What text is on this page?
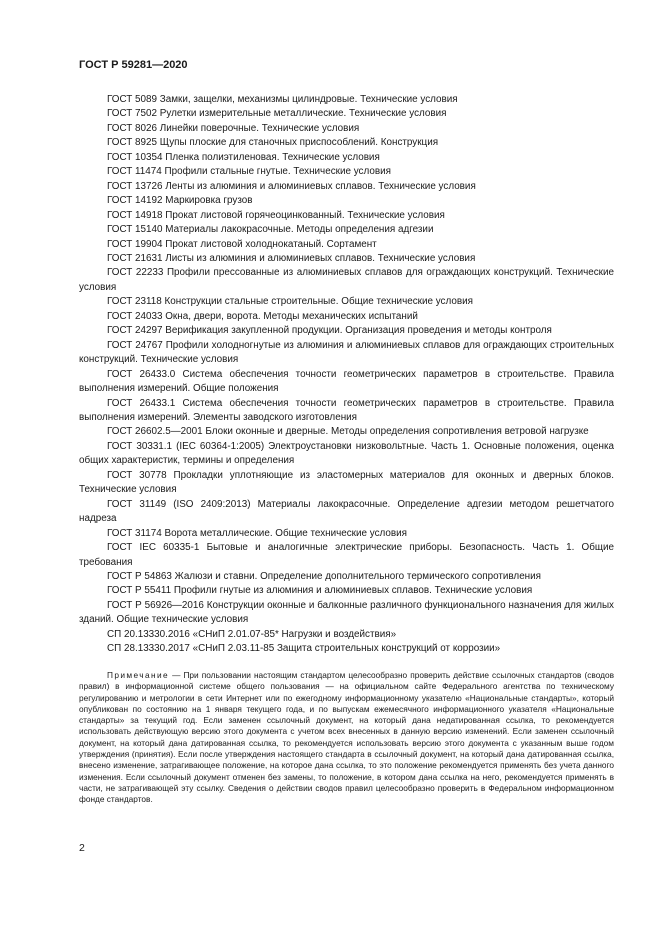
ГОСТ Р 59281—2020

ГОСТ 5089 Замки, защелки, механизмы цилиндровые. Технические условия

ГОСТ 7502 Рулетки измерительные металлические. Технические условия

ГОСТ 8026 Линейки поверочные. Технические условия

ГОСТ 8925 Щупы плоские для станочных приспособлений. Конструкция

ГОСТ 10354 Пленка полиэтиленовая. Технические условия

ГОСТ 11474 Профили стальные гнутые. Технические условия

ГОСТ 13726 Ленты из алюминия и алюминиевых сплавов. Технические условия

ГОСТ 14192 Маркировка грузов

ГОСТ 14918 Прокат листовой горячеоцинкованный. Технические условия

ГОСТ 15140 Материалы лакокрасочные. Методы определения адгезии

ГОСТ 19904 Прокат листовой холоднокатаный. Сортамент

ГОСТ 21631 Листы из алюминия и алюминиевых сплавов. Технические условия

ГОСТ 22233 Профили прессованные из алюминиевых сплавов для ограждающих конструкций. Технические условия

ГОСТ 23118 Конструкции стальные строительные. Общие технические условия

ГОСТ 24033 Окна, двери, ворота. Методы механических испытаний

ГОСТ 24297 Верификация закупленной продукции. Организация проведения и методы контроля

ГОСТ 24767 Профили холодногнутые из алюминия и алюминиевых сплавов для ограждающих строительных конструкций. Технические условия

ГОСТ 26433.0 Система обеспечения точности геометрических параметров в строительстве. Правила выполнения измерений. Общие положения

ГОСТ 26433.1 Система обеспечения точности геометрических параметров в строительстве. Правила выполнения измерений. Элементы заводского изготовления

ГОСТ 26602.5—2001 Блоки оконные и дверные. Методы определения сопротивления ветровой нагрузке

ГОСТ 30331.1 (IEC 60364-1:2005) Электроустановки низковольтные. Часть 1. Основные положения, оценка общих характеристик, термины и определения

ГОСТ 30778 Прокладки уплотняющие из эластомерных материалов для оконных и дверных блоков. Технические условия

ГОСТ 31149 (ISO 2409:2013) Материалы лакокрасочные. Определение адгезии методом решетчатого надреза

ГОСТ 31174 Ворота металлические. Общие технические условия

ГОСТ IEC 60335-1 Бытовые и аналогичные электрические приборы. Безопасность. Часть 1. Общие требования

ГОСТ Р 54863 Жалюзи и ставни. Определение дополнительного термического сопротивления

ГОСТ Р 55411 Профили гнутые из алюминия и алюминиевых сплавов. Технические условия

ГОСТ Р 56926—2016 Конструкции оконные и балконные различного функционального назначения для жилых зданий. Общие технические условия

СП 20.13330.2016 «СНиП 2.01.07-85* Нагрузки и воздействия»

СП 28.13330.2017 «СНиП 2.03.11-85 Защита строительных конструкций от коррозии»

Примечание — При пользовании настоящим стандартом целесообразно проверить действие ссылочных стандартов (сводов правил) в информационной системе общего пользования — на официальном сайте Федерального агентства по техническому регулированию и метрологии в сети Интернет или по ежегодному информационному указателю «Национальные стандарты», который опубликован по состоянию на 1 января текущего года, и по выпускам ежемесячного информационного указателя «Национальные стандарты» за текущий год. Если заменен ссылочный документ, на который дана недатированная ссылка, то рекомендуется использовать действующую версию этого документа с учетом всех внесенных в данную версию изменений. Если заменен ссылочный документ, на который дана датированная ссылка, то рекомендуется использовать версию этого документа с указанным выше годом утверждения (принятия). Если после утверждения настоящего стандарта в ссылочный документ, на который дана датированная ссылка, внесено изменение, затрагивающее положение, на которое дана ссылка, то это положение рекомендуется применять без учета данного изменения. Если ссылочный документ отменен без замены, то положение, в котором дана ссылка на него, рекомендуется применять в части, не затрагивающей эту ссылку. Сведения о действии сводов правил целесообразно проверить в Федеральном информационном фонде стандартов.
2
